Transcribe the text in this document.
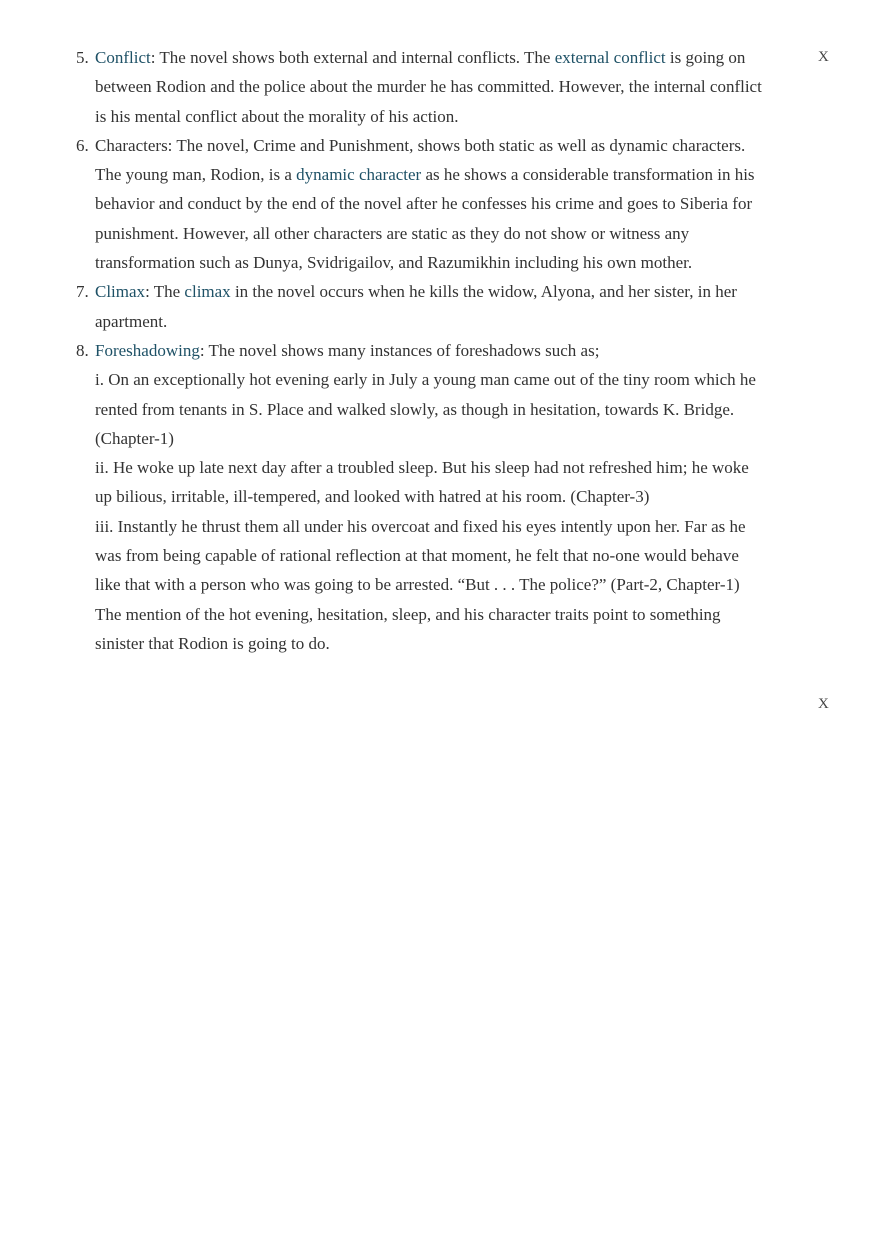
X
X
5. Conflict: The novel shows both external and internal conflicts. The external conflict is going on between Rodion and the police about the murder he has committed. However, the internal conflict is his mental conflict about the morality of his action.
6. Characters: The novel, Crime and Punishment, shows both static as well as dynamic characters. The young man, Rodion, is a dynamic character as he shows a considerable transformation in his behavior and conduct by the end of the novel after he confesses his crime and goes to Siberia for punishment. However, all other characters are static as they do not show or witness any transformation such as Dunya, Svidrigailov, and Razumikhin including his own mother.
7. Climax: The climax in the novel occurs when he kills the widow, Alyona, and her sister, in her apartment.
8. Foreshadowing: The novel shows many instances of foreshadows such as;
i. On an exceptionally hot evening early in July a young man came out of the tiny room which he rented from tenants in S. Place and walked slowly, as though in hesitation, towards K. Bridge. (Chapter-1)
ii. He woke up late next day after a troubled sleep. But his sleep had not refreshed him; he woke up bilious, irritable, ill-tempered, and looked with hatred at his room. (Chapter-3)
iii. Instantly he thrust them all under his overcoat and fixed his eyes intently upon her. Far as he was from being capable of rational reflection at that moment, he felt that no-one would behave like that with a person who was going to be arrested. “But . . . The police?” (Part-2, Chapter-1)
The mention of the hot evening, hesitation, sleep, and his character traits point to something sinister that Rodion is going to do.
